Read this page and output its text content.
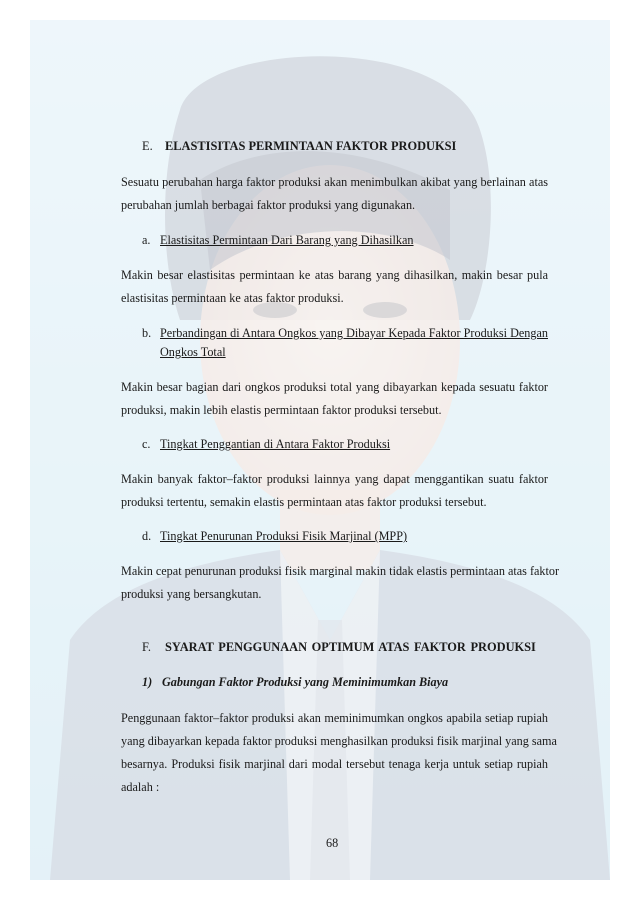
E. ELASTISITAS PERMINTAAN FAKTOR PRODUKSI
Sesuatu perubahan harga faktor produksi akan menimbulkan akibat yang berlainan atas
perubahan jumlah berbagai faktor produksi yang digunakan.
a. Elastisitas Permintaan Dari Barang yang Dihasilkan
Makin besar elastisitas permintaan ke atas barang yang dihasilkan, makin besar pula
elastisitas permintaan ke atas faktor produksi.
b. Perbandingan di Antara Ongkos yang Dibayar Kepada Faktor Produksi Dengan
Ongkos Total
Makin besar bagian dari ongkos produksi total yang dibayarkan kepada sesuatu faktor
produksi, makin lebih elastis permintaan faktor produksi tersebut.
c. Tingkat Penggantian di Antara Faktor Produksi
Makin banyak faktor–faktor produksi lainnya yang dapat menggantikan suatu faktor
produksi tertentu, semakin elastis permintaan atas faktor produksi tersebut.
d. Tingkat Penurunan Produksi Fisik Marjinal (MPP)
Makin cepat penurunan produksi fisik marginal makin tidak elastis permintaan atas faktor
produksi yang bersangkutan.
F. SYARAT PENGGUNAAN OPTIMUM ATAS FAKTOR PRODUKSI
1) Gabungan Faktor Produksi yang Meminimumkan Biaya
Penggunaan faktor–faktor produksi akan meminimumkan ongkos apabila setiap rupiah
yang dibayarkan kepada faktor produksi menghasilkan produksi fisik marjinal yang sama
besarnya. Produksi fisik marjinal dari modal tersebut tenaga kerja untuk setiap rupiah
adalah :
68
